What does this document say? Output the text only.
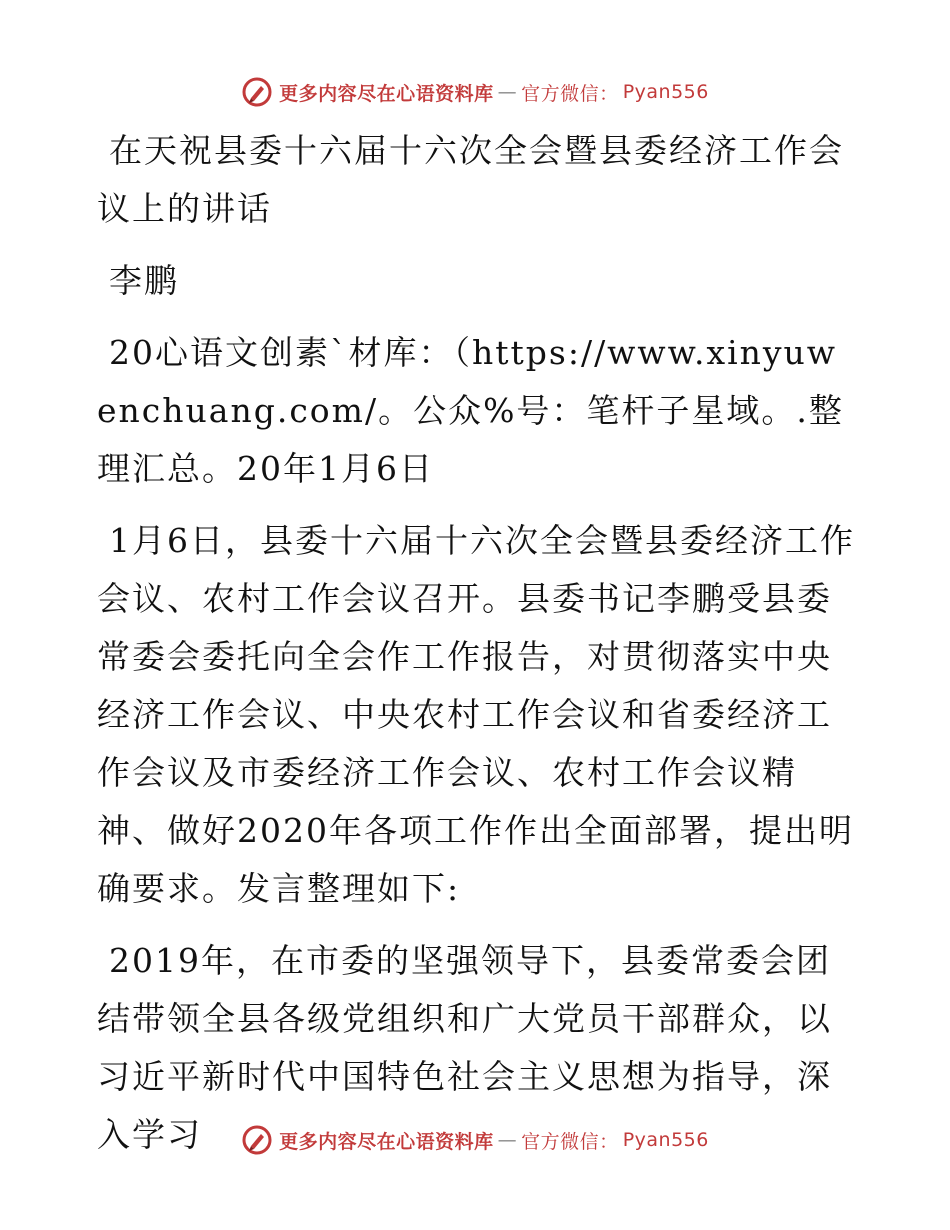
更多内容尽在心语资料库 — 官方微信： Pyan556

在天祝县委十六届十六次全会暨县委经济工作会议上的讲话

李鹏

20心语文创素`材库：（https://www.xinyuwenchuang.com/。公众%号：笔杆子星域。.整理汇总。20年1月6日

1月6日，县委十六届十六次全会暨县委经济工作会议、农村工作会议召开。县委书记李鹏受县委常委会委托向全会作工作报告，对贯彻落实中央经济工作会议、中央农村工作会议和省委经济工作会议及市委经济工作会议、农村工作会议精神、做好2020年各项工作作出全面部署，提出明确要求。发言整理如下:

2019年，在市委的坚强领导下，县委常委会团结带领全县各级党组织和广大党员干部群众，以习近平新时代中国特色社会主义思想为指导，深入学习	更多内容尽在心语资料库 — 官方微信： Pyan556
